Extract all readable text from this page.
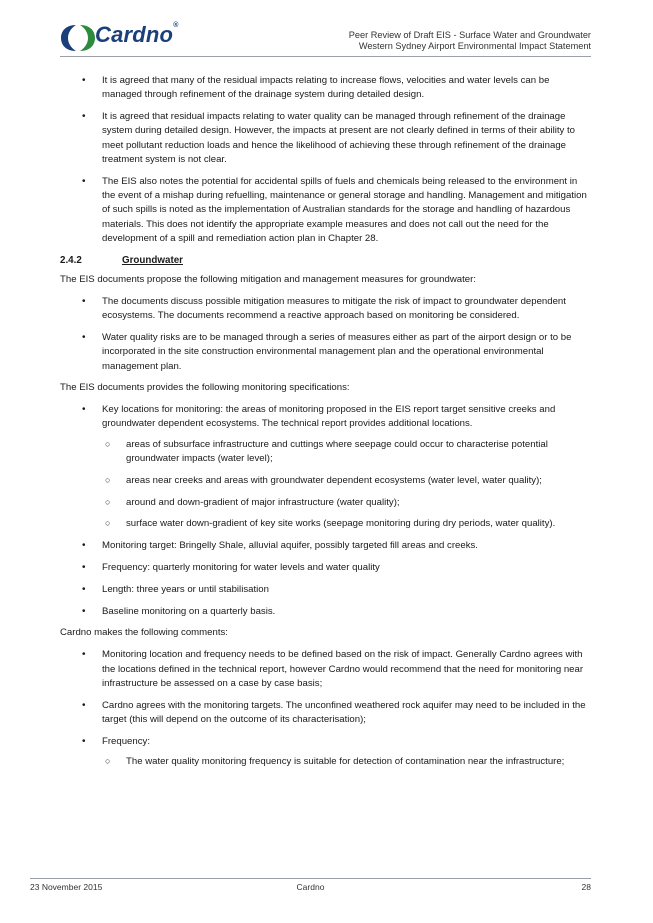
Cardno®
Peer Review of Draft EIS - Surface Water and Groundwater
Western Sydney Airport Environmental Impact Statement
• It is agreed that many of the residual impacts relating to increase flows, velocities and water levels can be managed through refinement of the drainage system during detailed design.
• It is agreed that residual impacts relating to water quality can be managed through refinement of the drainage system during detailed design. However, the impacts at present are not clearly defined in terms of their ability to meet pollutant reduction loads and hence the likelihood of achieving these through refinement of the drainage treatment system is not clear.
• The EIS also notes the potential for accidental spills of fuels and chemicals being released to the environment in the event of a mishap during refuelling, maintenance or general storage and handling. Management and mitigation of such spills is noted as the implementation of Australian standards for the storage and handling of hazardous materials. This does not identify the appropriate example measures and does not call out the need for the development of a spill and remediation action plan in Chapter 28.
2.4.2	Groundwater

The EIS documents propose the following mitigation and management measures for groundwater:

• The documents discuss possible mitigation measures to mitigate the risk of impact to groundwater dependent ecosystems. The documents recommend a reactive approach based on monitoring be considered.
• Water quality risks are to be managed through a series of measures either as part of the airport design or to be incorporated in the site construction environmental management plan and the operational environmental management plan.

The EIS documents provides the following monitoring specifications:

• Key locations for monitoring: the areas of monitoring proposed in the EIS report target sensitive creeks and groundwater dependent ecosystems. The technical report provides additional locations.
○ areas of subsurface infrastructure and cuttings where seepage could occur to characterise potential groundwater impacts (water level);
○ areas near creeks and areas with groundwater dependent ecosystems (water level, water quality);
○ around and down-gradient of major infrastructure (water quality);
○ surface water down-gradient of key site works (seepage monitoring during dry periods, water quality).
• Monitoring target: Bringelly Shale, alluvial aquifer, possibly targeted fill areas and creeks.
• Frequency: quarterly monitoring for water levels and water quality
• Length: three years or until stabilisation
• Baseline monitoring on a quarterly basis.

Cardno makes the following comments:

• Monitoring location and frequency needs to be defined based on the risk of impact. Generally Cardno agrees with the locations defined in the technical report, however Cardno would recommend that the need for monitoring near infrastructure be assessed on a case by case basis;
• Cardno agrees with the monitoring targets. The unconfined weathered rock aquifer may need to be included in the target (this will depend on the outcome of its characterisation);
• Frequency:
○ The water quality monitoring frequency is suitable for detection of contamination near the infrastructure;
23 November 2015	Cardno	28
